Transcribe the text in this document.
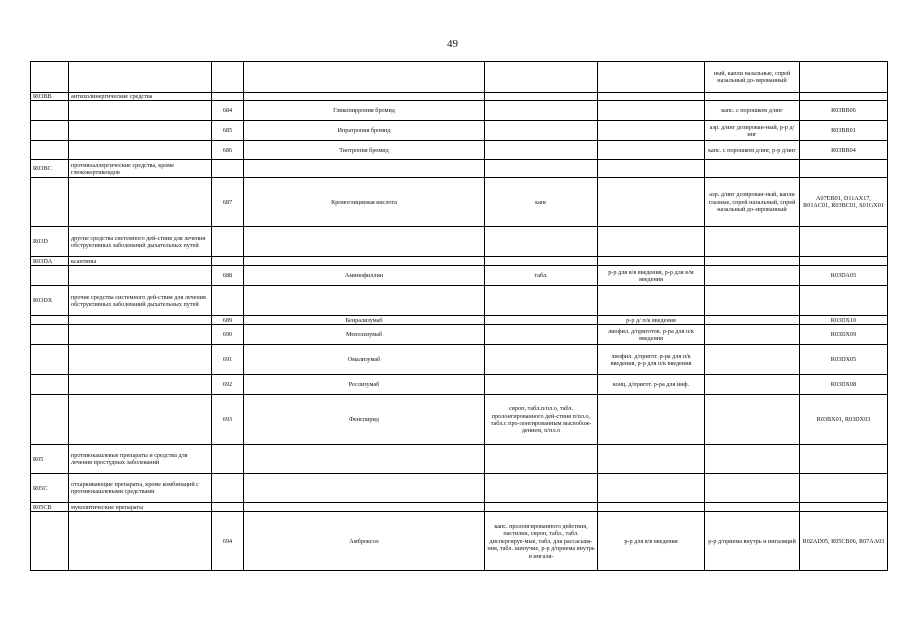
49
						ный, капли назальные, спрей назальный до-зированный	
R03BB	антихолинергические средства						
		684	Гликопиррония бромид			капс. с порошком д/инг	R03BB06
		685	Ипратропия бромид			аэр. д/инг дозирован-ный, р-р д/инг	R03BB01
		686	Тиотропия бромид			капс. с порошком д/инг, р-р д/инг	R03BB04
R03BC	противоаллергические средства, кроме глюкокортикоидов						
		687	Кромоглициевая кислота	капс		аэр. д/инг дозирован-ный, капли глазные, спрей назальный, спрей назальный до-зированный	A07EB01, D11AX17, R01AC01, R03BC01, S01GX01
R03D	другие средства системного дей-ствия для лечения обструктивных заболеваний дыхательных путей						
R03DA	ксантины						
		688	Аминофиллин	табл.	р-р для в/в введения, р-р для в/м введения		R03DA05
R03DX	прочие средства системного дей-ствия для лечения обструктивных заболеваний дыхательных путей						
		689	Бенрализумаб		р-р д/ п/к введения		R03DX10
		690	Меполизумаб		лиофил. д/приготов. р-ра для п/к введения		R03DX09
		691	Омализумаб		лиофил. д/пригот. р-ра для п/к введения, р-р для п/к введения		R03DX05
		692	Реслизумаб		конц. д/пригот. р-ра для инф.		R03DX08
		693	Фенспирид	сироп, табл.п/пл.о, табл. пролонгированного дей-ствия п/пл.о, табл.с про-лонгированным высвобож-дением, п/пл.о			R03BX01, R03DX03
R05	противокашлевые препараты и средства для лечения простудных заболеваний						
R05C	отхаркивающие препараты, кроме комбинаций с противокашлевыми средствами						
R05CB	муколитические препараты						
		694	Амброксол	капс. пролонгированного действия, пастилки, сироп, табл., табл. диспергируе-мые, табл. для рассасыва-ния, табл. шипучие, р-р д/приема внутрь и ингаля-	р-р для в/в введения	р-р д/приема внутрь и ингаляций	R02AD05, R05CB06, R07AA03
